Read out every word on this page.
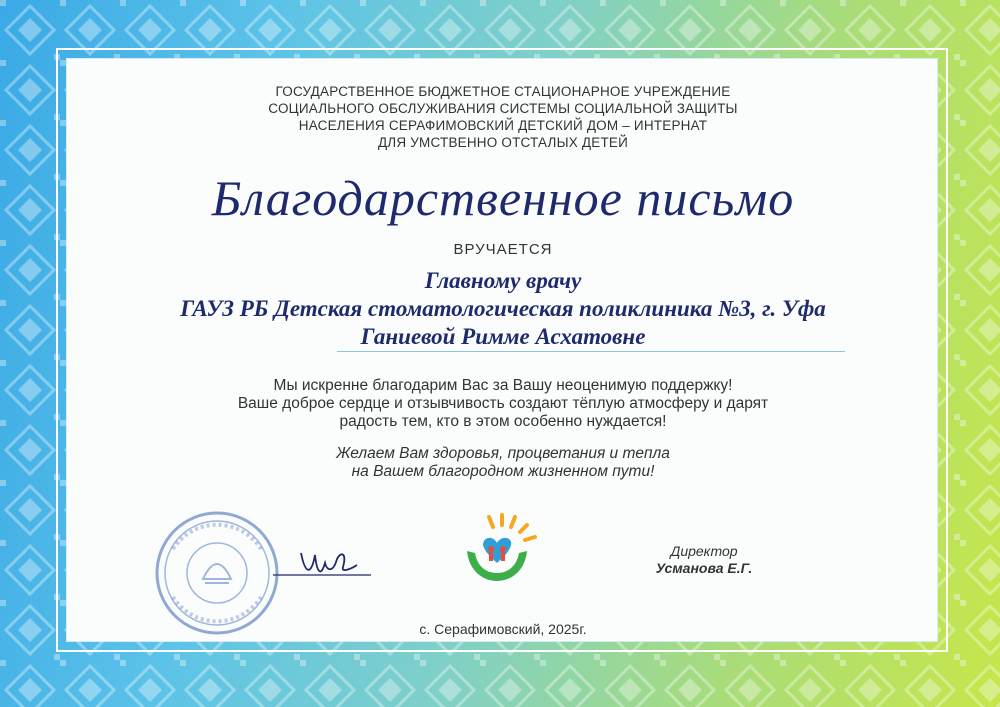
ГОСУДАРСТВЕННОЕ БЮДЖЕТНОЕ СТАЦИОНАРНОЕ УЧРЕЖДЕНИЕ
СОЦИАЛЬНОГО ОБСЛУЖИВАНИЯ СИСТЕМЫ СОЦИАЛЬНОЙ ЗАЩИТЫ
НАСЕЛЕНИЯ СЕРАФИМОВСКИЙ ДЕТСКИЙ ДОМ – ИНТЕРНАТ
ДЛЯ УМСТВЕННО ОТСТАЛЫХ ДЕТЕЙ
Благодарственное письмо
ВРУЧАЕТСЯ
Главному врачу
ГАУЗ РБ Детская стоматологическая поликлиника №3, г. Уфа
Ганиевой Римме Асхатовне
Мы искренне благодарим Вас за Вашу неоценимую поддержку!
Ваше доброе сердце и отзывчивость создают тёплую атмосферу и дарят
радость тем, кто в этом особенно нуждается!
Желаем Вам здоровья, процветания и тепла
на Вашем благородном жизненном пути!
Директор
Усманова Е.Г.
с. Серафимовский, 2025г.
